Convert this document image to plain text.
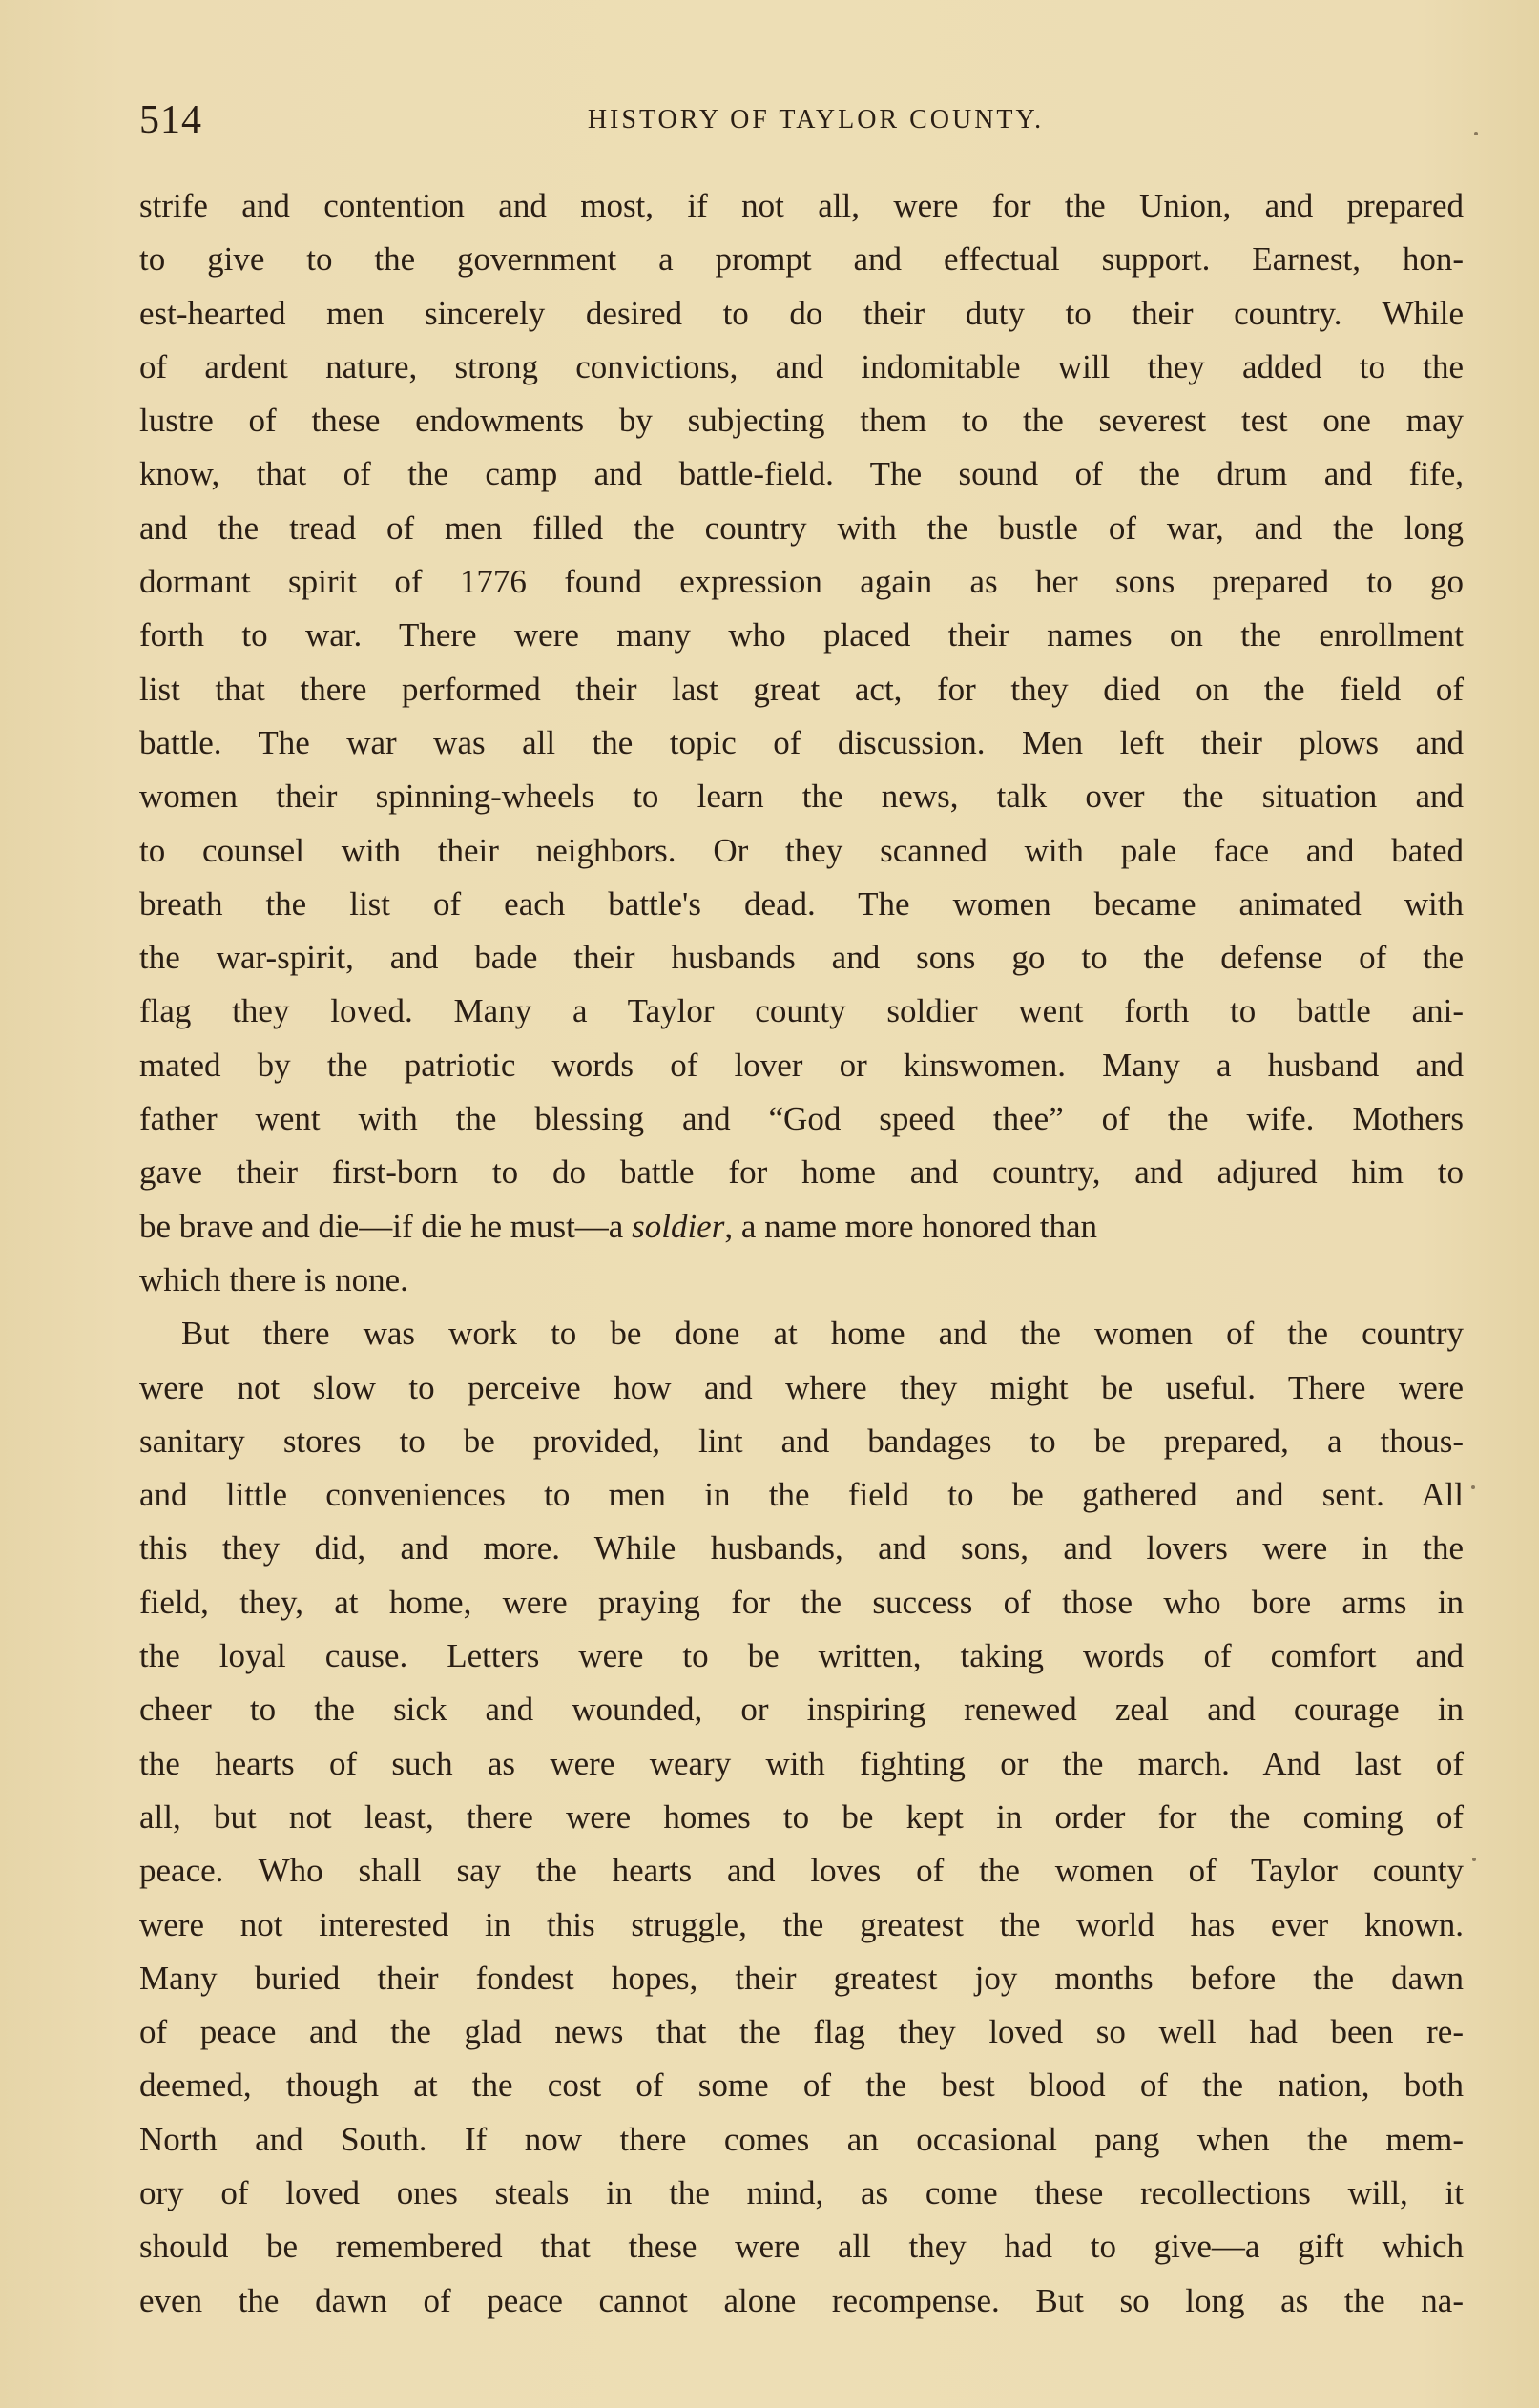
514	HISTORY OF TAYLOR COUNTY.
strife and contention and most, if not all, were for the Union, and prepared
to give to the government a prompt and effectual support. Earnest, hon-
est-hearted men sincerely desired to do their duty to their country. While
of ardent nature, strong convictions, and indomitable will they added to the
lustre of these endowments by subjecting them to the severest test one may
know, that of the camp and battle-field. The sound of the drum and fife,
and the tread of men filled the country with the bustle of war, and the long
dormant spirit of 1776 found expression again as her sons prepared to go
forth to war. There were many who placed their names on the enrollment
list that there performed their last great act, for they died on the field of
battle. The war was all the topic of discussion. Men left their plows and
women their spinning-wheels to learn the news, talk over the situation and
to counsel with their neighbors. Or they scanned with pale face and bated
breath the list of each battle's dead. The women became animated with
the war-spirit, and bade their husbands and sons go to the defense of the
flag they loved. Many a Taylor county soldier went forth to battle ani-
mated by the patriotic words of lover or kinswomen. Many a husband and
father went with the blessing and “God speed thee” of the wife. Mothers
gave their first-born to do battle for home and country, and adjured him to
be brave and die—if die he must—a soldier, a name more honored than
which there is none.
But there was work to be done at home and the women of the country
were not slow to perceive how and where they might be useful. There were
sanitary stores to be provided, lint and bandages to be prepared, a thous-
and little conveniences to men in the field to be gathered and sent. All
this they did, and more. While husbands, and sons, and lovers were in the
field, they, at home, were praying for the success of those who bore arms in
the loyal cause. Letters were to be written, taking words of comfort and
cheer to the sick and wounded, or inspiring renewed zeal and courage in
the hearts of such as were weary with fighting or the march. And last of
all, but not least, there were homes to be kept in order for the coming of
peace. Who shall say the hearts and loves of the women of Taylor county
were not interested in this struggle, the greatest the world has ever known.
Many buried their fondest hopes, their greatest joy months before the dawn
of peace and the glad news that the flag they loved so well had been re-
deemed, though at the cost of some of the best blood of the nation, both
North and South. If now there comes an occasional pang when the mem-
ory of loved ones steals in the mind, as come these recollections will, it
should be remembered that these were all they had to give—a gift which
even the dawn of peace cannot alone recompense. But so long as the na-
